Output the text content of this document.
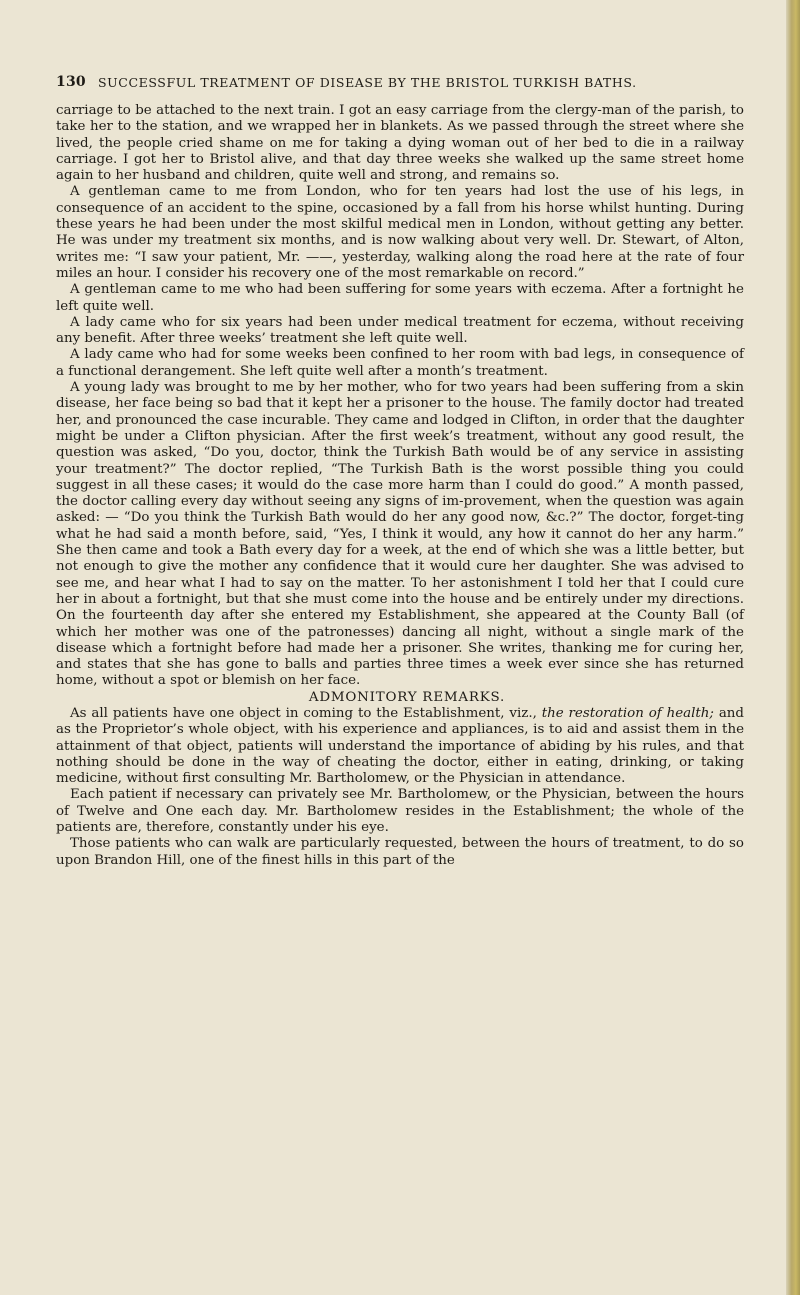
130 SUCCESSFUL TREATMENT OF DISEASE BY THE BRISTOL TURKISH BATHS.

carriage to be attached to the next train. I got an easy carriage from the clergy-man of the parish, to take her to the station, and we wrapped her in blankets. As we passed through the street where she lived, the people cried shame on me for taking a dying woman out of her bed to die in a railway carriage. I got her to Bristol alive, and that day three weeks she walked up the same street home again to her husband and children, quite well and strong, and remains so.

A gentleman came to me from London, who for ten years had lost the use of his legs, in consequence of an accident to the spine, occasioned by a fall from his horse whilst hunting. During these years he had been under the most skilful medical men in London, without getting any better. He was under my treatment six months, and is now walking about very well. Dr. Stewart, of Alton, writes me: “I saw your patient, Mr. ——, yesterday, walking along the road here at the rate of four miles an hour. I consider his recovery one of the most remarkable on record.”

A gentleman came to me who had been suffering for some years with eczema. After a fortnight he left quite well.

A lady came who for six years had been under medical treatment for eczema, without receiving any benefit. After three weeks’ treatment she left quite well.

A lady came who had for some weeks been confined to her room with bad legs, in consequence of a functional derangement. She left quite well after a month’s treatment.

A young lady was brought to me by her mother, who for two years had been suffering from a skin disease, her face being so bad that it kept her a prisoner to the house. The family doctor had treated her, and pronounced the case incurable. They came and lodged in Clifton, in order that the daughter might be under a Clifton physician. After the first week’s treatment, without any good result, the question was asked, “Do you, doctor, think the Turkish Bath would be of any service in assisting your treatment?” The doctor replied, “The Turkish Bath is the worst possible thing you could suggest in all these cases; it would do the case more harm than I could do good.” A month passed, the doctor calling every day without seeing any signs of im-provement, when the question was again asked: — “Do you think the Turkish Bath would do her any good now, &c.?” The doctor, forget-ting what he had said a month before, said, “Yes, I think it would, any how it cannot do her any harm.” She then came and took a Bath every day for a week, at the end of which she was a little better, but not enough to give the mother any confidence that it would cure her daughter. She was advised to see me, and hear what I had to say on the matter. To her astonishment I told her that I could cure her in about a fortnight, but that she must come into the house and be entirely under my directions. On the fourteenth day after she entered my Establishment, she appeared at the County Ball (of which her mother was one of the patronesses) dancing all night, without a single mark of the disease which a fortnight before had made her a prisoner. She writes, thanking me for curing her, and states that she has gone to balls and parties three times a week ever since she has returned home, without a spot or blemish on her face.

ADMONITORY REMARKS.

As all patients have one object in coming to the Establishment, viz., the restoration of health; and as the Proprietor’s whole object, with his experience and appliances, is to aid and assist them in the attainment of that object, patients will understand the importance of abiding by his rules, and that nothing should be done in the way of cheating the doctor, either in eating, drinking, or taking medicine, without first consulting Mr. Bartholomew, or the Physician in attendance.

Each patient if necessary can privately see Mr. Bartholomew, or the Physician, between the hours of Twelve and One each day. Mr. Bartholomew resides in the Establishment; the whole of the patients are, therefore, constantly under his eye.

Those patients who can walk are particularly requested, between the hours of treatment, to do so upon Brandon Hill, one of the finest hills in this part of the
